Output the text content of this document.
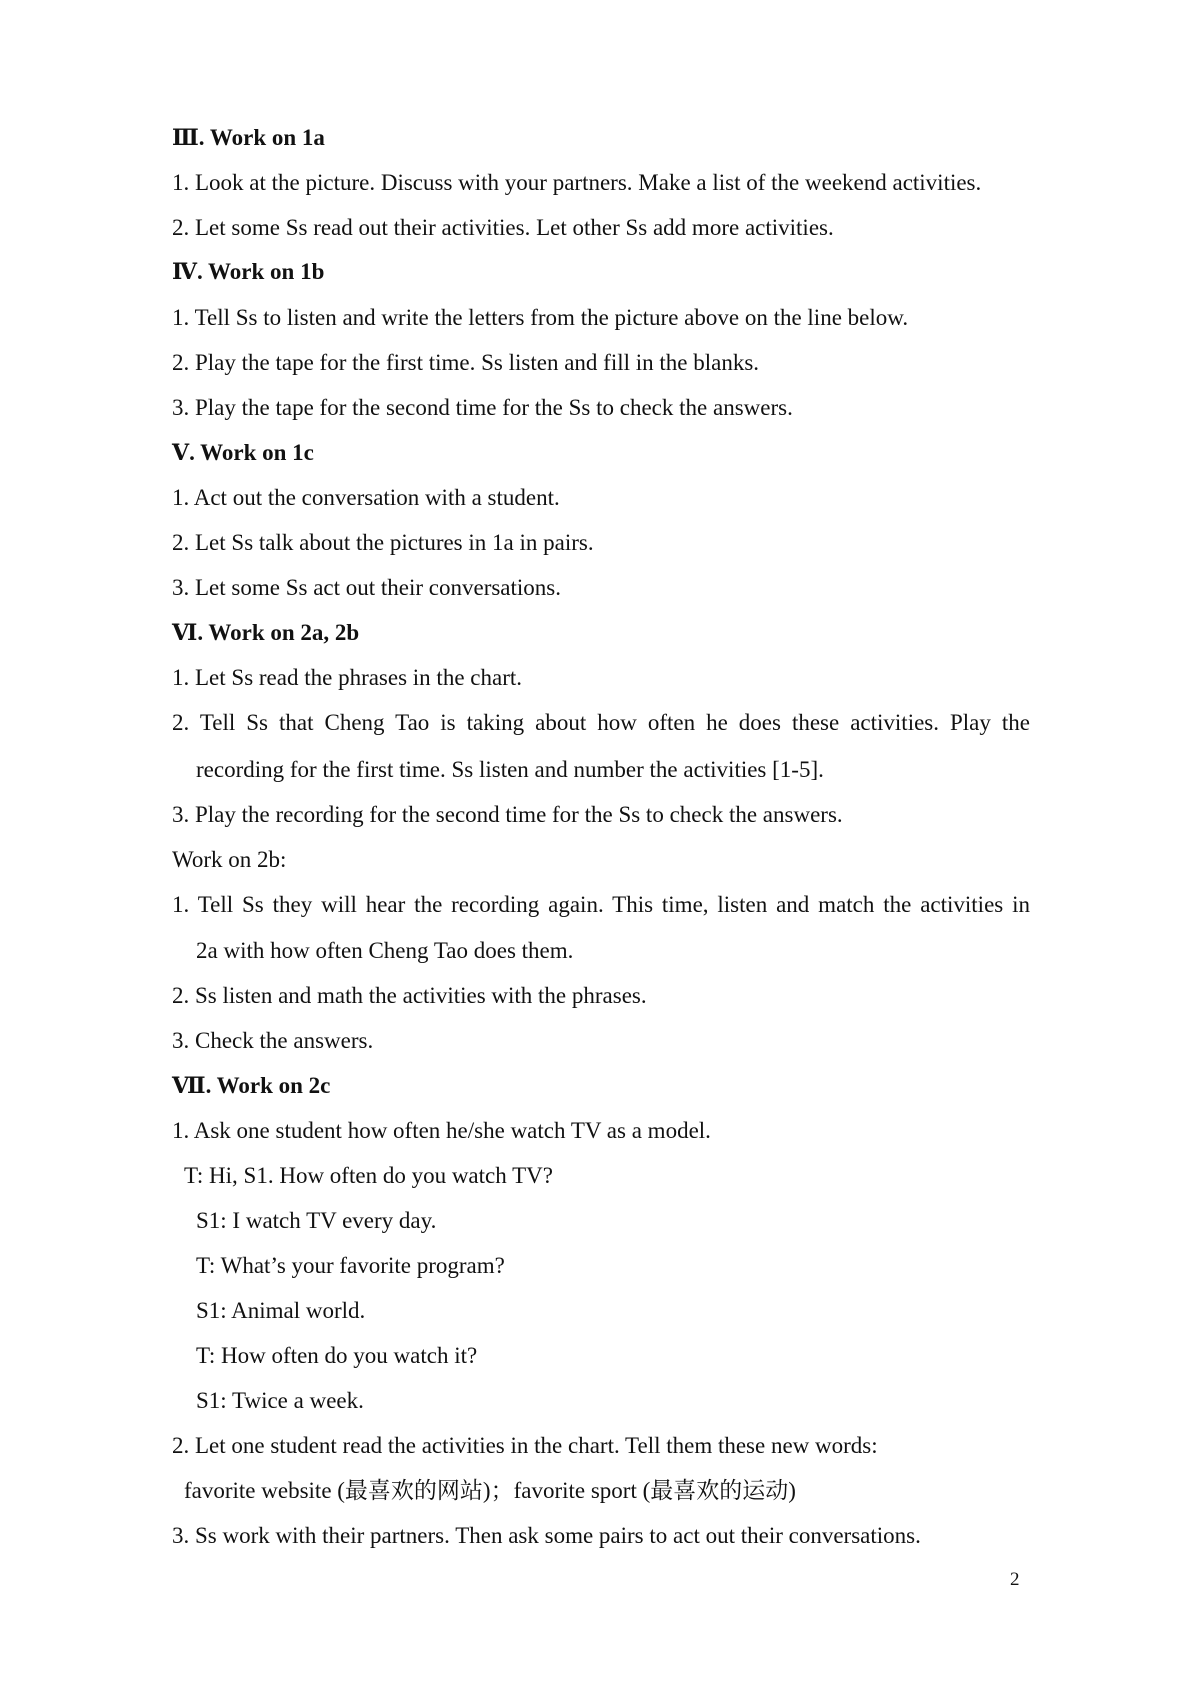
Ⅲ. Work on 1a
1. Look at the picture. Discuss with your partners. Make a list of the weekend activities.
2. Let some Ss read out their activities. Let other Ss add more activities.
Ⅳ. Work on 1b
1. Tell Ss to listen and write the letters from the picture above on the line below.
2. Play the tape for the first time. Ss listen and fill in the blanks.
3. Play the tape for the second time for the Ss to check the answers.
Ⅴ. Work on 1c
1. Act out the conversation with a student.
2. Let Ss talk about the pictures in 1a in pairs.
3. Let some Ss act out their conversations.
Ⅵ. Work on 2a, 2b
1. Let Ss read the phrases in the chart.
2. Tell Ss that Cheng Tao is taking about how often he does these activities. Play the
recording for the first time. Ss listen and number the activities [1-5].
3. Play the recording for the second time for the Ss to check the answers.
Work on 2b:
1. Tell Ss they will hear the recording again. This time, listen and match the activities in
2a with how often Cheng Tao does them.
2. Ss listen and math the activities with the phrases.
3. Check the answers.
Ⅶ. Work on 2c
1. Ask one student how often he/she watch TV as a model.
T: Hi, S1. How often do you watch TV?
S1: I watch TV every day.
T: What’s your favorite program?
S1: Animal world.
T: How often do you watch it?
S1: Twice a week.
2. Let one student read the activities in the chart. Tell them these new words:
favorite website (最喜欢的网站)；favorite sport (最喜欢的运动)
3. Ss work with their partners. Then ask some pairs to act out their conversations.
2
